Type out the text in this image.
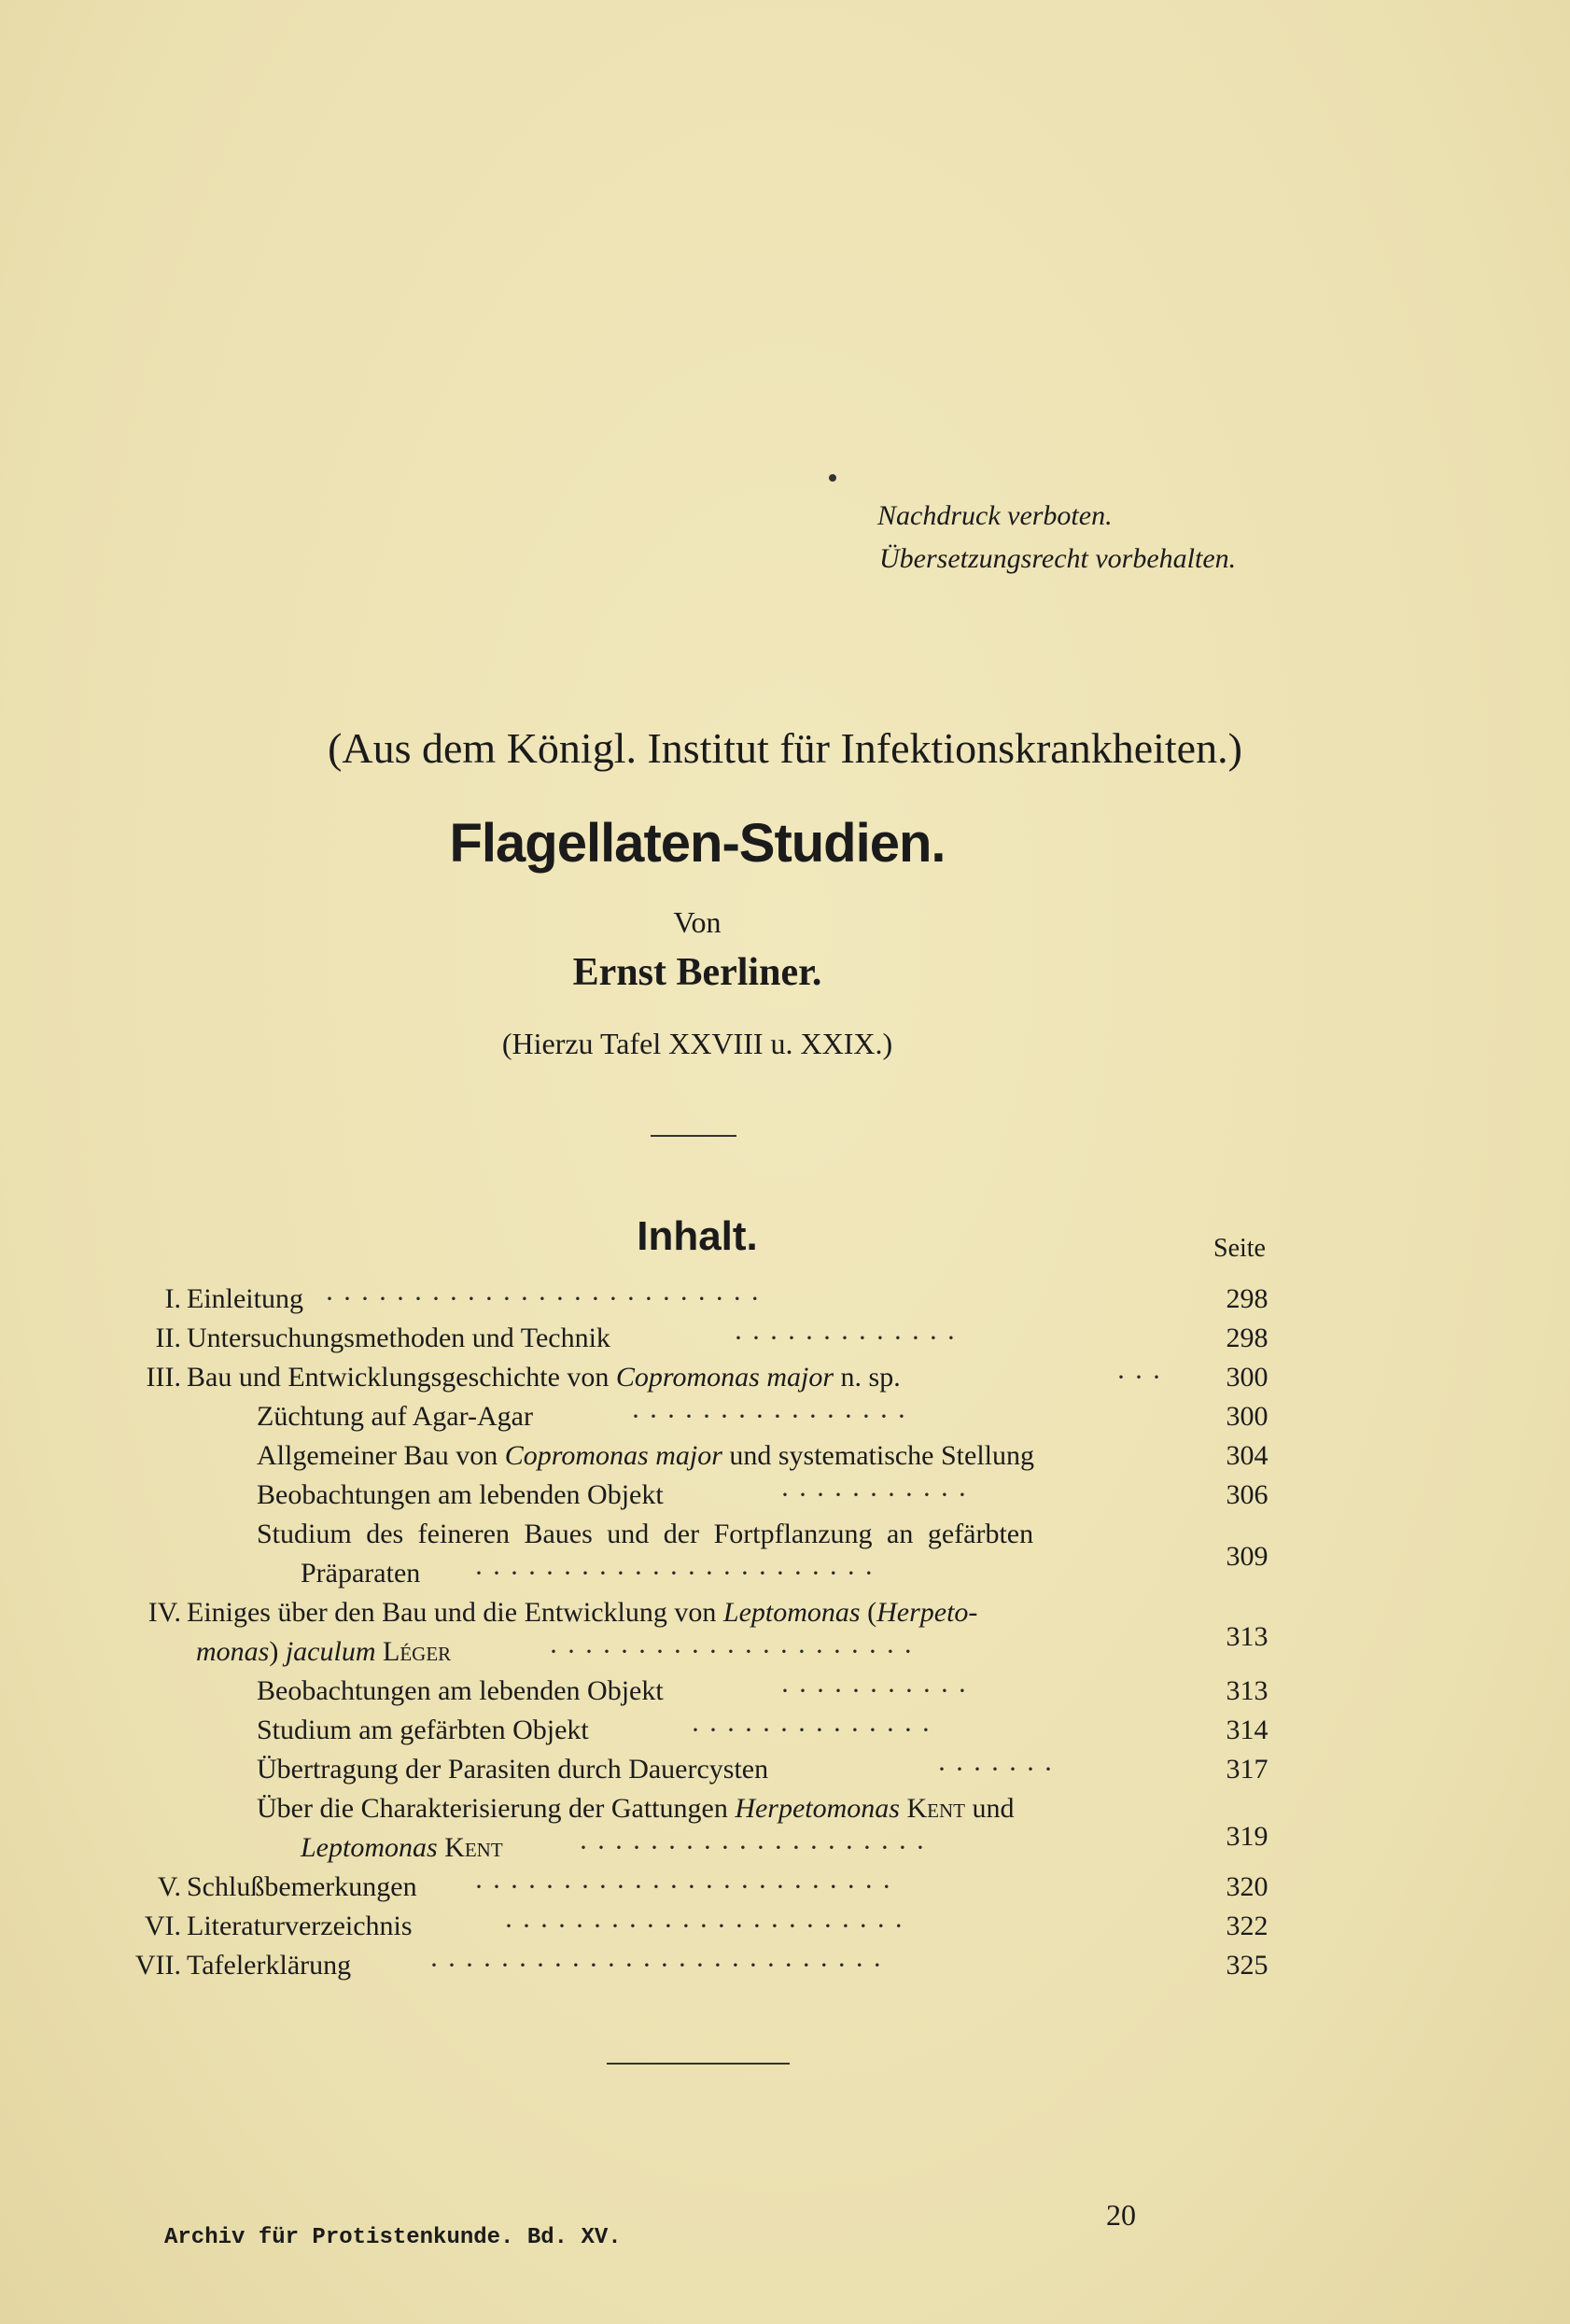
Nachdruck verboten.
Übersetzungsrecht vorbehalten.
(Aus dem Königl. Institut für Infektionskrankheiten.)
Flagellaten-Studien.
Von
Ernst Berliner.
(Hierzu Tafel XXVIII u. XXIX.)
Inhalt.	Seite
I. Einleitung ·························	298
II. Untersuchungsmethoden und Technik	·············	298
III. Bau und Entwicklungsgeschichte von Copromonas major n. sp.	··· 300
Züchtung auf Agar-Agar	················	300
Allgemeiner Bau von Copromonas major und systematische Stellung	304
Beobachtungen am lebenden Objekt	···········	306
Studium des feineren Baues und der Fortpflanzung an gefärbten
Präparaten ·······················
309
IV. Einiges über den Bau und die Entwicklung von Leptomonas (Herpeto-
monas) jaculum Léger	·····················	313
Beobachtungen am lebenden Objekt	···········	313
Studium am gefärbten Objekt	··············	314
Übertragung der Parasiten durch Dauercysten	·······	317
Über die Charakterisierung der Gattungen Herpetomonas Kent und
Leptomonas Kent	····················	319
V. Schlußbemerkungen ························	320
VI. Literaturverzeichnis	·······················	322
VII. Tafelerklärung	··························	325
20
Archiv für Protistenkunde. Bd. XV.
